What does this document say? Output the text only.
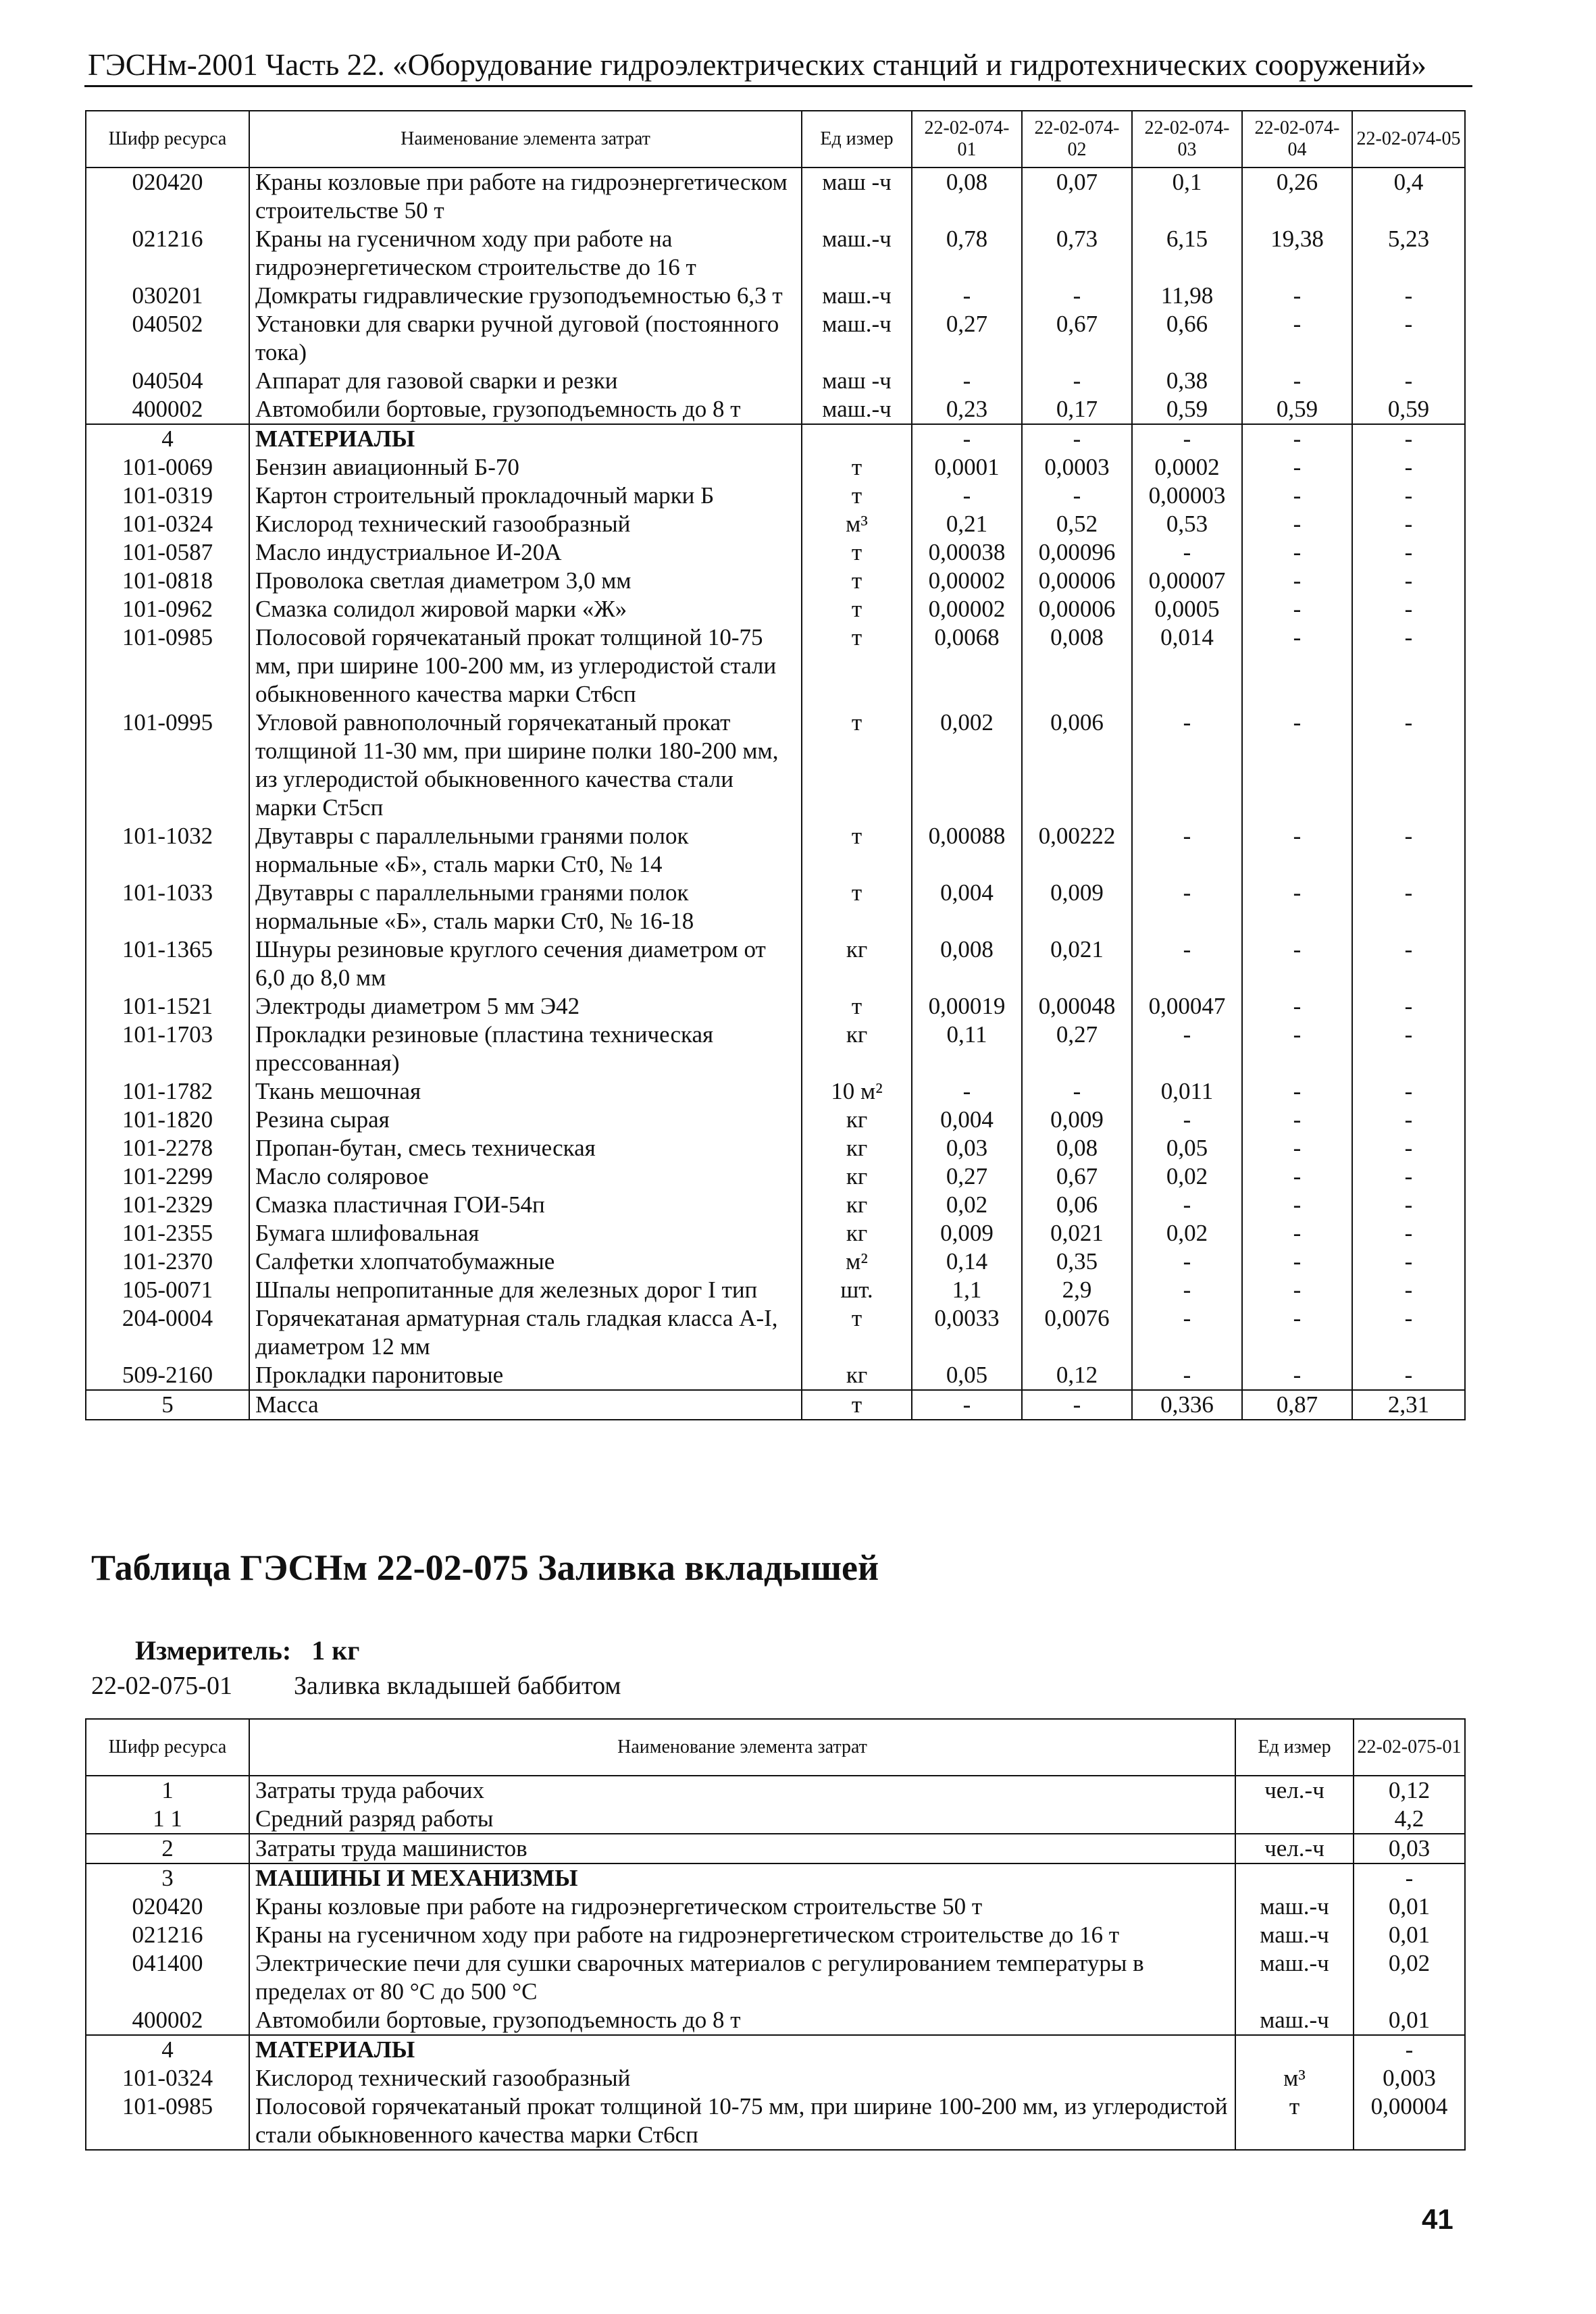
ГЭСНм-2001 Часть 22. «Оборудование гидроэлектрических станций и гидротехнических сооружений»
Шифр ресурса	Наименование элемента затрат	Ед измер	22-02-074-01	22-02-074-02	22-02-074-03	22-02-074-04	22-02-074-05
020420	Краны козловые при работе на гидроэнергетическом строительстве 50 т	маш -ч	0,08	0,07	0,1	0,26	0,4
021216	Краны на гусеничном ходу при работе на гидроэнергетическом строительстве до 16 т	маш.-ч	0,78	0,73	6,15	19,38	5,23
030201	Домкраты гидравлические грузоподъемностью 6,3 т	маш.-ч	-	-	11,98	-	-
040502	Установки для сварки ручной дуговой (постоянного тока)	маш.-ч	0,27	0,67	0,66	-	-
040504	Аппарат для газовой сварки и резки	маш -ч	-	-	0,38	-	-
400002	Автомобили бортовые, грузоподъемность до 8 т	маш.-ч	0,23	0,17	0,59	0,59	0,59
4	МАТЕРИАЛЫ		-	-	-	-	-
101-0069	Бензин авиационный Б-70	т	0,0001	0,0003	0,0002	-	-
101-0319	Картон строительный прокладочный марки Б	т	-	-	0,00003	-	-
101-0324	Кислород технический газообразный	м³	0,21	0,52	0,53	-	-
101-0587	Масло индустриальное И-20А	т	0,00038	0,00096	-	-	-
101-0818	Проволока светлая диаметром 3,0 мм	т	0,00002	0,00006	0,00007	-	-
101-0962	Смазка солидол жировой марки «Ж»	т	0,00002	0,00006	0,0005	-	-
101-0985	Полосовой горячекатаный прокат толщиной 10-75 мм, при ширине 100-200 мм, из углеродистой стали обыкновенного качества марки Ст6сп	т	0,0068	0,008	0,014	-	-
101-0995	Угловой равнополочный горячекатаный прокат толщиной 11-30 мм, при ширине полки 180-200 мм, из углеродистой обыкновенного качества стали марки Ст5сп	т	0,002	0,006	-	-	-
101-1032	Двутавры с параллельными гранями полок нормальные «Б», сталь марки Ст0, № 14	т	0,00088	0,00222	-	-	-
101-1033	Двутавры с параллельными гранями полок нормальные «Б», сталь марки Ст0, № 16-18	т	0,004	0,009	-	-	-
101-1365	Шнуры резиновые круглого сечения диаметром от 6,0 до 8,0 мм	кг	0,008	0,021	-	-	-
101-1521	Электроды диаметром 5 мм Э42	т	0,00019	0,00048	0,00047	-	-
101-1703	Прокладки резиновые (пластина техническая прессованная)	кг	0,11	0,27	-	-	-
101-1782	Ткань мешочная	10 м²	-	-	0,011	-	-
101-1820	Резина сырая	кг	0,004	0,009	-	-	-
101-2278	Пропан-бутан, смесь техническая	кг	0,03	0,08	0,05	-	-
101-2299	Масло соляровое	кг	0,27	0,67	0,02	-	-
101-2329	Смазка пластичная ГОИ-54п	кг	0,02	0,06	-	-	-
101-2355	Бумага шлифовальная	кг	0,009	0,021	0,02	-	-
101-2370	Салфетки хлопчатобумажные	м²	0,14	0,35	-	-	-
105-0071	Шпалы непропитанные для железных дорог I тип	шт.	1,1	2,9	-	-	-
204-0004	Горячекатаная арматурная сталь гладкая класса А-I, диаметром 12 мм	т	0,0033	0,0076	-	-	-
509-2160	Прокладки паронитовые	кг	0,05	0,12	-	-	-
5	Масса	т	-	-	0,336	0,87	2,31
Таблица ГЭСНм 22-02-075 Заливка вкладышей
Измеритель: 1 кг
22-02-075-01 Заливка вкладышей баббитом
Шифр ресурса	Наименование элемента затрат	Ед измер	22-02-075-01
1	Затраты труда рабочих	чел.-ч	0,12
1 1	Средний разряд работы		4,2
2	Затраты труда машинистов	чел.-ч	0,03
3	МАШИНЫ И МЕХАНИЗМЫ		-
020420	Краны козловые при работе на гидроэнергетическом строительстве 50 т	маш.-ч	0,01
021216	Краны на гусеничном ходу при работе на гидроэнергетическом строительстве до 16 т	маш.-ч	0,01
041400	Электрические печи для сушки сварочных материалов с регулированием температуры в пределах от 80 °С до 500 °С	маш.-ч	0,02
400002	Автомобили бортовые, грузоподъемность до 8 т	маш.-ч	0,01
4	МАТЕРИАЛЫ		-
101-0324	Кислород технический газообразный	м³	0,003
101-0985	Полосовой горячекатаный прокат толщиной 10-75 мм, при ширине 100-200 мм, из углеродистой стали обыкновенного качества марки Ст6сп	т	0,00004
41
